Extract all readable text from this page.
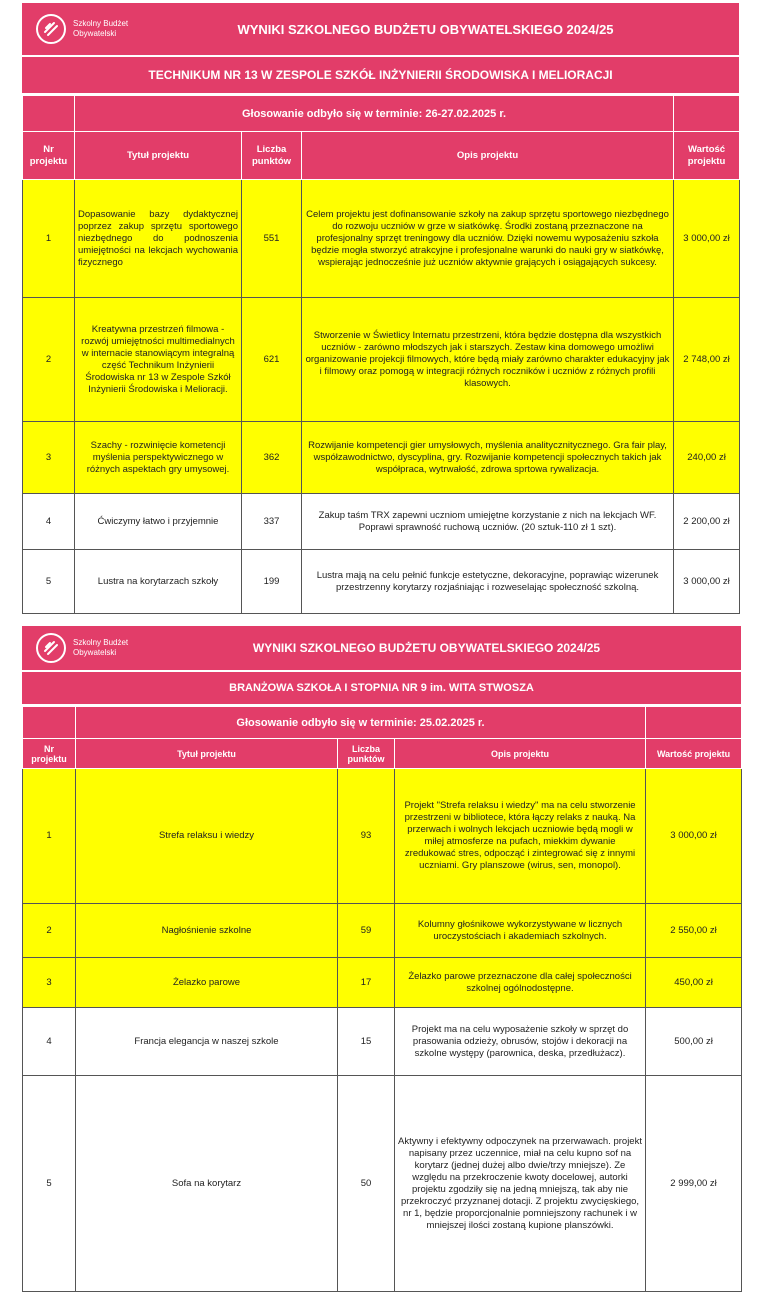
Szkolny Budżet
Obywatelski	WYNIKI SZKOLNEGO BUDŻETU OBYWATELSKIEGO 2024/25
TECHNIKUM NR 13 W ZESPOLE SZKÓŁ INŻYNIERII ŚRODOWISKA I MELIORACJI
	Głosowanie odbyło się w terminie: 26-27.02.2025 r.			
Nr projektu	Tytuł projektu	Liczba punktów	Opis projektu	Wartość projektu
1	Dopasowanie bazy dydaktycznej poprzez zakup sprzętu sportowego niezbędnego do podnoszenia umiejętności na lekcjach wychowania fizycznego	551	Celem projektu jest dofinansowanie szkoły na zakup sprzętu sportowego niezbędnego do rozwoju uczniów w grze w siatkówkę. Środki zostaną przeznaczone na profesjonalny sprzęt treningowy dla uczniów. Dzięki nowemu wyposażeniu szkoła będzie mogła stworzyć atrakcyjne i profesjonalne warunki do nauki gry w siatkówkę, wspierając jednocześnie już uczniów aktywnie grających i osiągających sukcesy.	3 000,00 zł
2	Kreatywna przestrzeń filmowa - rozwój umiejętności multimedialnych w internacie stanowiącym integralną część Technikum Inżynierii Środowiska nr 13 w Zespole Szkół Inżynierii Środowiska i Melioracji.	621	Stworzenie w Świetlicy Internatu przestrzeni, która będzie dostępna dla wszystkich uczniów - zarówno młodszych jak i starszych. Zestaw kina domowego umożliwi organizowanie projekcji filmowych, które będą miały zarówno charakter edukacyjny jak i filmowy oraz pomogą w integracji różnych roczników i uczniów z różnych profili klasowych.	2 748,00 zł
3	Szachy - rozwinięcie kometencji myślenia perspektywicznego w różnych aspektach gry umysowej.	362	Rozwijanie kompetencji gier umysłowych, myślenia analitycznitycznego. Gra fair play, współzawodnictwo, dyscyplina, gry. Rozwijanie kompetencji społecznych takich jak współpraca, wytrwałość, zdrowa sprtowa rywalizacja.	240,00 zł
4	Ćwiczymy łatwo i przyjemnie	337	Zakup taśm TRX zapewni uczniom umiejętne korzystanie z nich na lekcjach WF. Poprawi sprawność ruchową uczniów. (20 sztuk-110 zł 1 szt).	2 200,00 zł
5	Lustra na korytarzach szkoły	199	Lustra mają na celu pełnić funkcje estetyczne, dekoracyjne, poprawiąc wizerunek przestrzenny korytarzy rozjaśniając i rozweselając społeczność szkolną.	3 000,00 zł
Szkolny Budżet
Obywatelski	WYNIKI SZKOLNEGO BUDŻETU OBYWATELSKIEGO 2024/25
BRANŻOWA SZKOŁA I STOPNIA NR 9 im. WITA STWOSZA
	Głosowanie odbyło się w terminie: 25.02.2025 r.			
Nr projektu	Tytuł projektu	Liczba punktów	Opis projektu	Wartość projektu
1	Strefa relaksu i wiedzy	93	Projekt "Strefa relaksu i wiedzy" ma na celu stworzenie przestrzeni w bibliotece, która łączy relaks z nauką. Na przerwach i wolnych lekcjach uczniowie będą mogli w miłej atmosferze na pufach, miekkim dywanie zredukować stres, odpocząć i zintegrować się z innymi uczniami. Gry planszowe (wirus, sen, monopol).	3 000,00 zł
2	Nagłośnienie szkolne	59	Kolumny głośnikowe wykorzystywane w licznych uroczystościach i akademiach szkolnych.	2 550,00 zł
3	Żelazko parowe	17	Żelazko parowe przeznaczone dla całej społeczności szkolnej ogólnodostępne.	450,00 zł
4	Francja elegancja w naszej szkole	15	Projekt ma na celu wyposażenie szkoły w sprzęt do prasowania odzieży, obrusów, stojów i dekoracji na szkolne występy (parownica, deska, przedłużacz).	500,00 zł
5	Sofa na korytarz	50	Aktywny i efektywny odpoczynek na przerwawach. projekt napisany przez uczennice, miał na celu kupno sof na korytarz (jednej dużej albo dwie/trzy mniejsze). Ze względu na przekroczenie kwoty docelowej, autorki projektu zgodziły się na jedną mniejszą, tak aby nie przekroczyć przyznanej dotacji. Z projektu zwycięskiego, nr 1, będzie proporcjonalnie pomniejszony rachunek i w mniejszej ilości zostaną kupione planszówki.	2 999,00 zł
